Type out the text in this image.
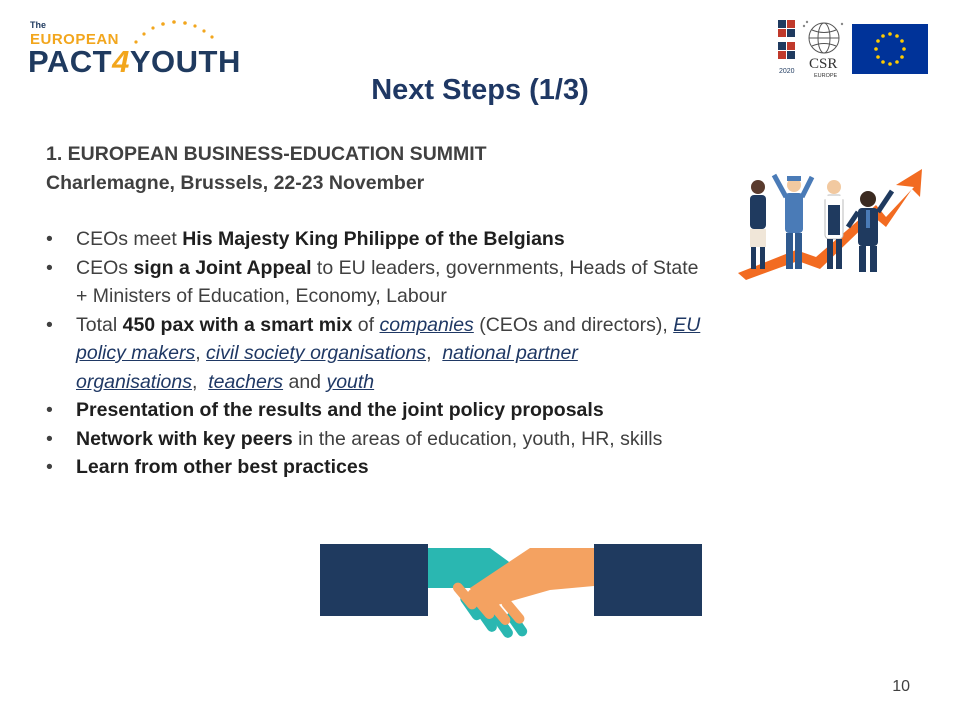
The
EUROPEAN
PACT4YOUTH	2020 CSR
EUROPE
Next Steps (1/3)

1. EUROPEAN BUSINESS-EDUCATION SUMMIT

Charlemagne, Brussels, 22-23 November

• CEOs meet His Majesty King Philippe of the Belgians
• CEOs sign a Joint Appeal to EU leaders, governments, Heads of State + Ministers of Education, Economy, Labour
• Total 450 pax with a smart mix of companies (CEOs and directors), EU policy makers, civil society organisations,  national partner organisations,  teachers and youth
• Presentation of the results and the joint policy proposals
• Network with key peers in the areas of education, youth, HR, skills
• Learn from other best practices
10
